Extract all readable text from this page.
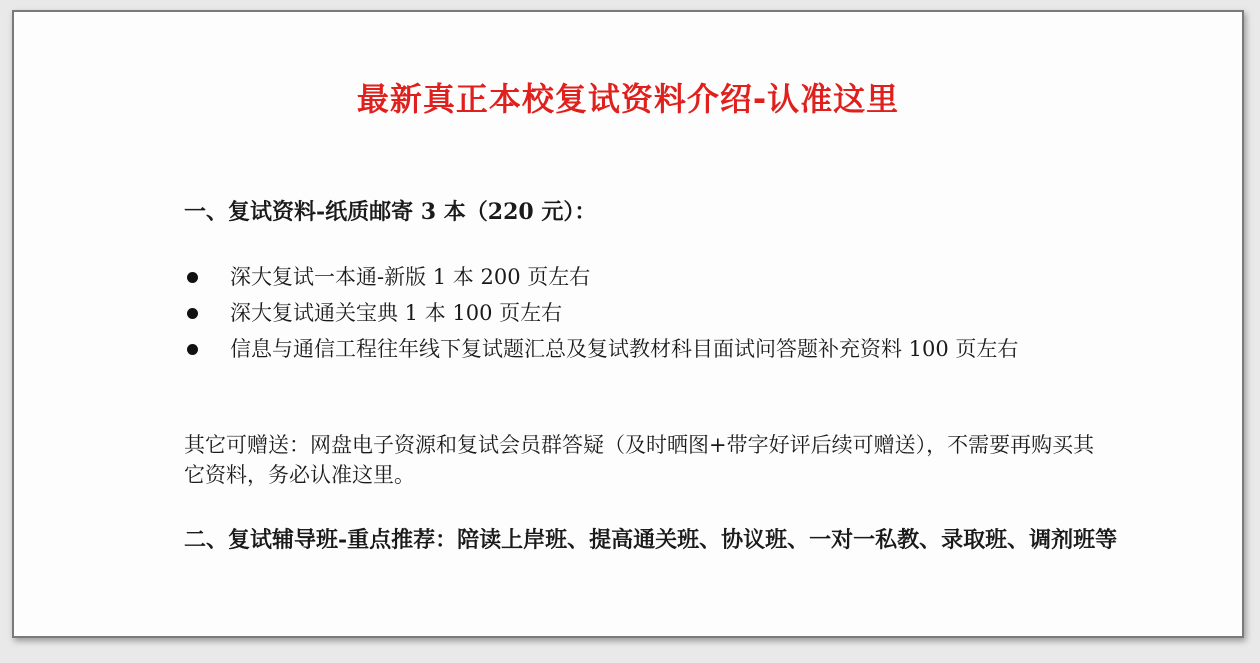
最新真正本校复试资料介绍-认准这里
一、复试资料-纸质邮寄 3 本（220 元）：
深大复试一本通-新版 1 本 200 页左右
深大复试通关宝典 1 本 100 页左右
信息与通信工程往年线下复试题汇总及复试教材科目面试问答题补充资料 100 页左右
其它可赠送：网盘电子资源和复试会员群答疑（及时晒图+带字好评后续可赠送），不需要再购买其它资料，务必认准这里。
二、复试辅导班-重点推荐：陪读上岸班、提高通关班、协议班、一对一私教、录取班、调剂班等
